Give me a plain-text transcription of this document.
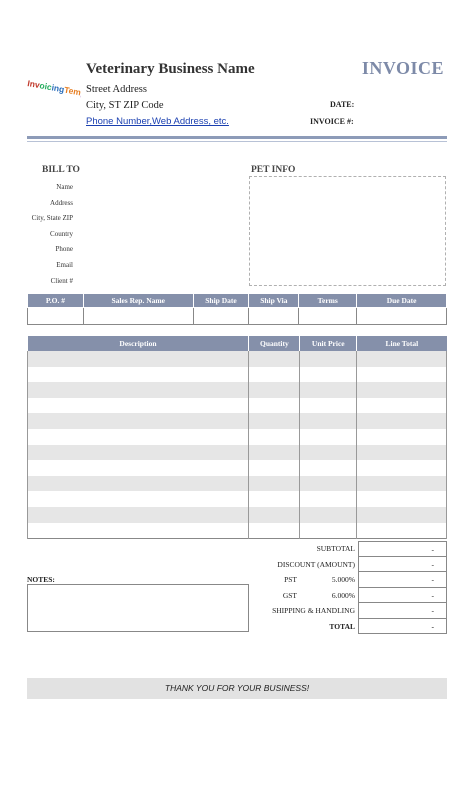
InvoicingTem
Veterinary Business Name
Street Address
City, ST ZIP Code
Phone Number,Web Address, etc.
INVOICE
DATE:
INVOICE #:
BILL TO
Name
Address
City, State ZIP
Country
Phone
Email
Client #
PET INFO
P.O. #	Sales Rep. Name	Ship Date	Ship Via	Terms	Due Date

Description	Quantity	Unit Price	Line Total

SUBTOTAL	-
DISCOUNT (AMOUNT)	-
PST	5.000%	-
GST	6.000%	-
SHIPPING & HANDLING	-
TOTAL	-
NOTES:
THANK YOU FOR YOUR BUSINESS!
